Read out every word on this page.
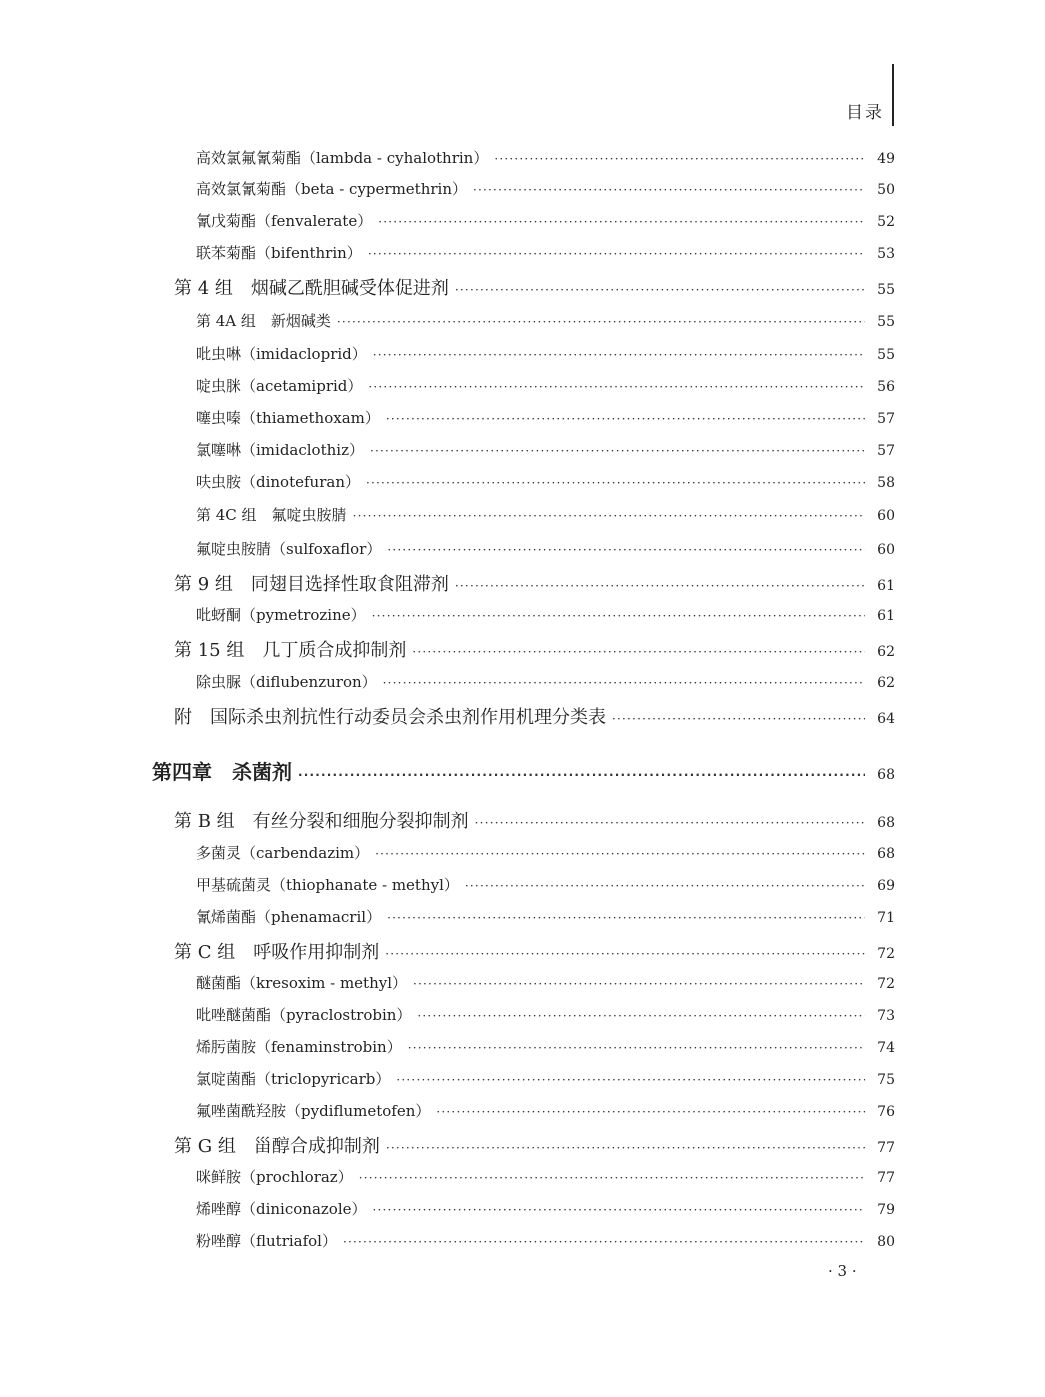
目录
高效氯氟氰菊酯（lambda - cyhalothrin） ·····	49
高效氯氰菊酯（beta - cypermethrin） ·····	50
氰戊菊酯（fenvalerate） ·····	52
联苯菊酯（bifenthrin） ·····	53
第 4 组　烟碱乙酰胆碱受体促进剂 ·····	55
第 4A 组　新烟碱类 ·····	55
吡虫啉（imidacloprid） ·····	55
啶虫脒（acetamiprid） ·····	56
噻虫嗪（thiamethoxam） ·····	57
氯噻啉（imidaclothiz） ·····	57
呋虫胺（dinotefuran） ·····	58
第 4C 组　氟啶虫胺腈 ·····	60
氟啶虫胺腈（sulfoxaflor） ·····	60
第 9 组　同翅目选择性取食阻滞剂 ·····	61
吡蚜酮（pymetrozine） ·····	61
第 15 组　几丁质合成抑制剂 ·····	62
除虫脲（diflubenzuron） ·····	62
附　国际杀虫剂抗性行动委员会杀虫剂作用机理分类表 ·····	64
第四章　杀菌剂 ·····	68
第 B 组　有丝分裂和细胞分裂抑制剂 ·····	68
多菌灵（carbendazim） ·····	68
甲基硫菌灵（thiophanate - methyl） ·····	69
氰烯菌酯（phenamacril） ·····	71
第 C 组　呼吸作用抑制剂 ·····	72
醚菌酯（kresoxim - methyl） ·····	72
吡唑醚菌酯（pyraclostrobin） ·····	73
烯肟菌胺（fenaminstrobin） ·····	74
氯啶菌酯（triclopyricarb） ·····	75
氟唑菌酰羟胺（pydiflumetofen） ·····	76
第 G 组　甾醇合成抑制剂 ·····	77
咪鲜胺（prochloraz） ·····	77
烯唑醇（diniconazole） ·····	79
粉唑醇（flutriafol） ·····	80
· 3 ·
